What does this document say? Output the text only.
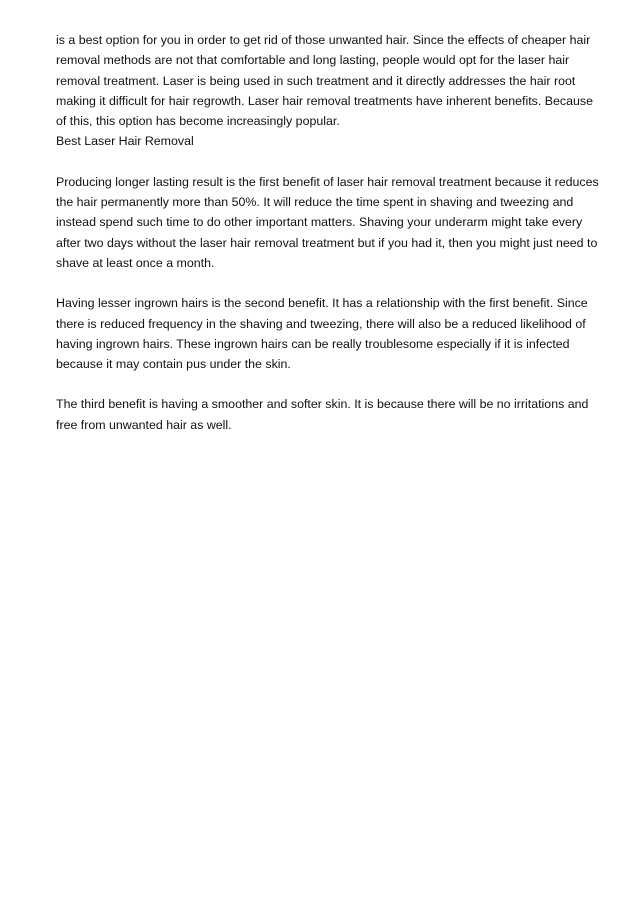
is a best option for you in order to get rid of those unwanted hair. Since the effects of cheaper hair removal methods are not that comfortable and long lasting, people would opt for the laser hair removal treatment. Laser is being used in such treatment and it directly addresses the hair root making it difficult for hair regrowth. Laser hair removal treatments have inherent benefits. Because of this, this option has become increasingly popular.

Best Laser Hair Removal

Producing longer lasting result is the first benefit of laser hair removal treatment because it reduces the hair permanently more than 50%. It will reduce the time spent in shaving and tweezing and instead spend such time to do other important matters. Shaving your underarm might take every after two days without the laser hair removal treatment but if you had it, then you might just need to shave at least once a month.

Having lesser ingrown hairs is the second benefit. It has a relationship with the first benefit. Since there is reduced frequency in the shaving and tweezing, there will also be a reduced likelihood of having ingrown hairs. These ingrown hairs can be really troublesome especially if it is infected because it may contain pus under the skin.

The third benefit is having a smoother and softer skin. It is because there will be no irritations and free from unwanted hair as well.
